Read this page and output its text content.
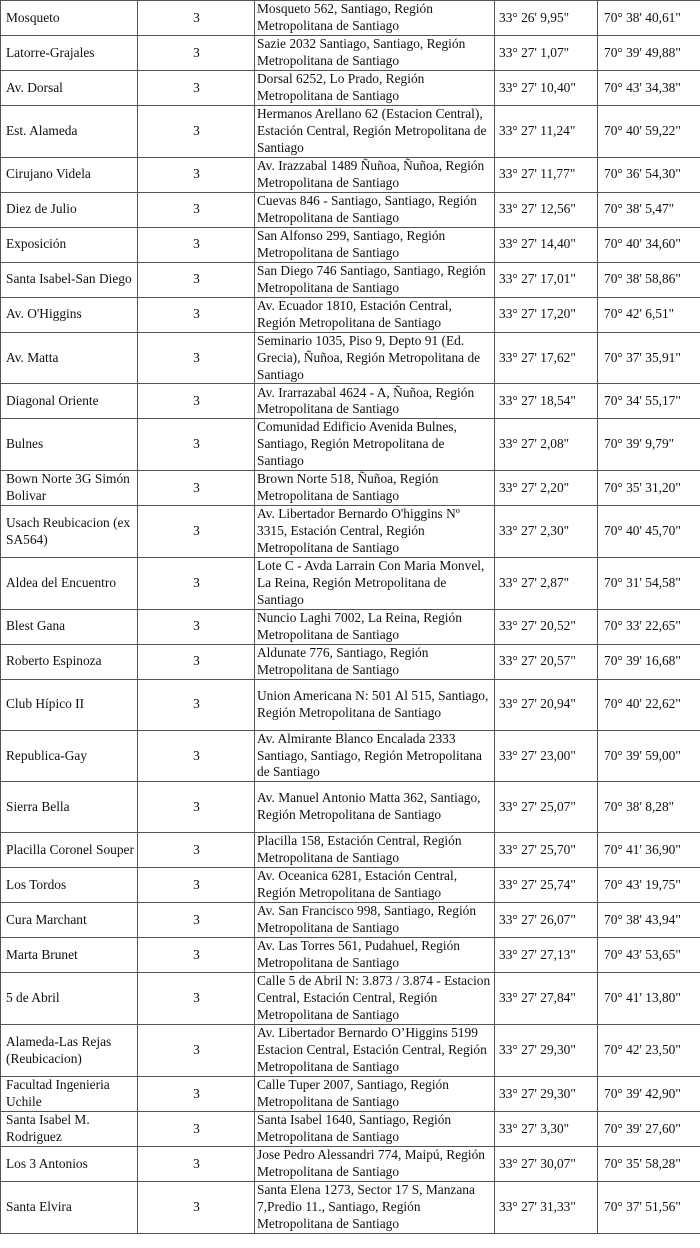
Mosqueto	3	Mosqueto 562, Santiago, Región Metropolitana de Santiago	33° 26' 9,95"	70° 38' 40,61"
Latorre-Grajales	3	Sazie 2032 Santiago, Santiago, Región Metropolitana de Santiago	33° 27' 1,07"	70° 39' 49,88"
Av. Dorsal	3	Dorsal 6252, Lo Prado, Región Metropolitana de Santiago	33° 27' 10,40"	70° 43' 34,38"
Est. Alameda	3	Hermanos Arellano 62 (Estacion Central), Estación Central, Región Metropolitana de Santiago	33° 27' 11,24"	70° 40' 59,22"
Cirujano Videla	3	Av. Irazzabal 1489 Ñuñoa, Ñuñoa, Región Metropolitana de Santiago	33° 27' 11,77"	70° 36' 54,30"
Diez de Julio	3	Cuevas 846 - Santiago, Santiago, Región Metropolitana de Santiago	33° 27' 12,56"	70° 38' 5,47"
Exposición	3	San Alfonso 299, Santiago, Región Metropolitana de Santiago	33° 27' 14,40"	70° 40' 34,60"
Santa Isabel-San Diego	3	San Diego 746 Santiago, Santiago, Región Metropolitana de Santiago	33° 27' 17,01"	70° 38' 58,86"
Av. O'Higgins	3	Av. Ecuador 1810, Estación Central, Región Metropolitana de Santiago	33° 27' 17,20"	70° 42' 6,51"
Av. Matta	3	Seminario 1035, Piso 9, Depto 91 (Ed. Grecia), Ñuñoa, Región Metropolitana de Santiago	33° 27' 17,62"	70° 37' 35,91"
Diagonal Oriente	3	Av. Irarrazabal 4624 - A, Ñuñoa, Región Metropolitana de Santiago	33° 27' 18,54"	70° 34' 55,17"
Bulnes	3	Comunidad Edificio Avenida Bulnes, Santiago, Región Metropolitana de Santiago	33° 27' 2,08"	70° 39' 9,79"
Bown Norte 3G Simón Bolivar	3	Brown Norte 518, Ñuñoa, Región Metropolitana de Santiago	33° 27' 2,20"	70° 35' 31,20"
Usach Reubicacion (ex SA564)	3	Av. Libertador Bernardo O'higgins Nº 3315, Estación Central, Región Metropolitana de Santiago	33° 27' 2,30"	70° 40' 45,70"
Aldea del Encuentro	3	Lote C - Avda Larrain Con Maria Monvel, La Reina, Región Metropolitana de Santiago	33° 27' 2,87"	70° 31' 54,58"
Blest Gana	3	Nuncio Laghi 7002, La Reina, Región Metropolitana de Santiago	33° 27' 20,52"	70° 33' 22,65"
Roberto Espinoza	3	Aldunate 776, Santiago, Región Metropolitana de Santiago	33° 27' 20,57"	70° 39' 16,68"
Club Hípico II	3	Union Americana N: 501 Al 515, Santiago, Región Metropolitana de Santiago	33° 27' 20,94"	70° 40' 22,62"
Republica-Gay	3	Av. Almirante Blanco Encalada 2333 Santiago, Santiago, Región Metropolitana de Santiago	33° 27' 23,00"	70° 39' 59,00"
Sierra Bella	3	Av. Manuel Antonio Matta 362, Santiago, Región Metropolitana de Santiago	33° 27' 25,07"	70° 38' 8,28"
Placilla Coronel Souper	3	Placilla 158, Estación Central, Región Metropolitana de Santiago	33° 27' 25,70"	70° 41' 36,90"
Los Tordos	3	Av. Oceanica 6281, Estación Central, Región Metropolitana de Santiago	33° 27' 25,74"	70° 43' 19,75"
Cura Marchant	3	Av. San Francisco 998, Santiago, Región Metropolitana de Santiago	33° 27' 26,07"	70° 38' 43,94"
Marta Brunet	3	Av. Las Torres 561, Pudahuel, Región Metropolitana de Santiago	33° 27' 27,13"	70° 43' 53,65"
5 de Abril	3	Calle 5 de Abril N: 3.873 / 3.874 - Estacion Central, Estación Central, Región Metropolitana de Santiago	33° 27' 27,84"	70° 41' 13,80"
Alameda-Las Rejas (Reubicacion)	3	Av. Libertador Bernardo O’Higgins 5199 Estacion Central, Estación Central, Región Metropolitana de Santiago	33° 27' 29,30"	70° 42' 23,50"
Facultad Ingenieria Uchile	3	Calle Tuper 2007, Santiago, Región Metropolitana de Santiago	33° 27' 29,30"	70° 39' 42,90"
Santa Isabel M. Rodriguez	3	Santa Isabel 1640, Santiago, Región Metropolitana de Santiago	33° 27' 3,30"	70° 39' 27,60"
Los 3 Antonios	3	Jose Pedro Alessandri 774, Maipú, Región Metropolitana de Santiago	33° 27' 30,07"	70° 35' 58,28"
Santa Elvira	3	Santa Elena 1273, Sector 17 S, Manzana 7,Predio 11., Santiago, Región Metropolitana de Santiago	33° 27' 31,33"	70° 37' 51,56"
